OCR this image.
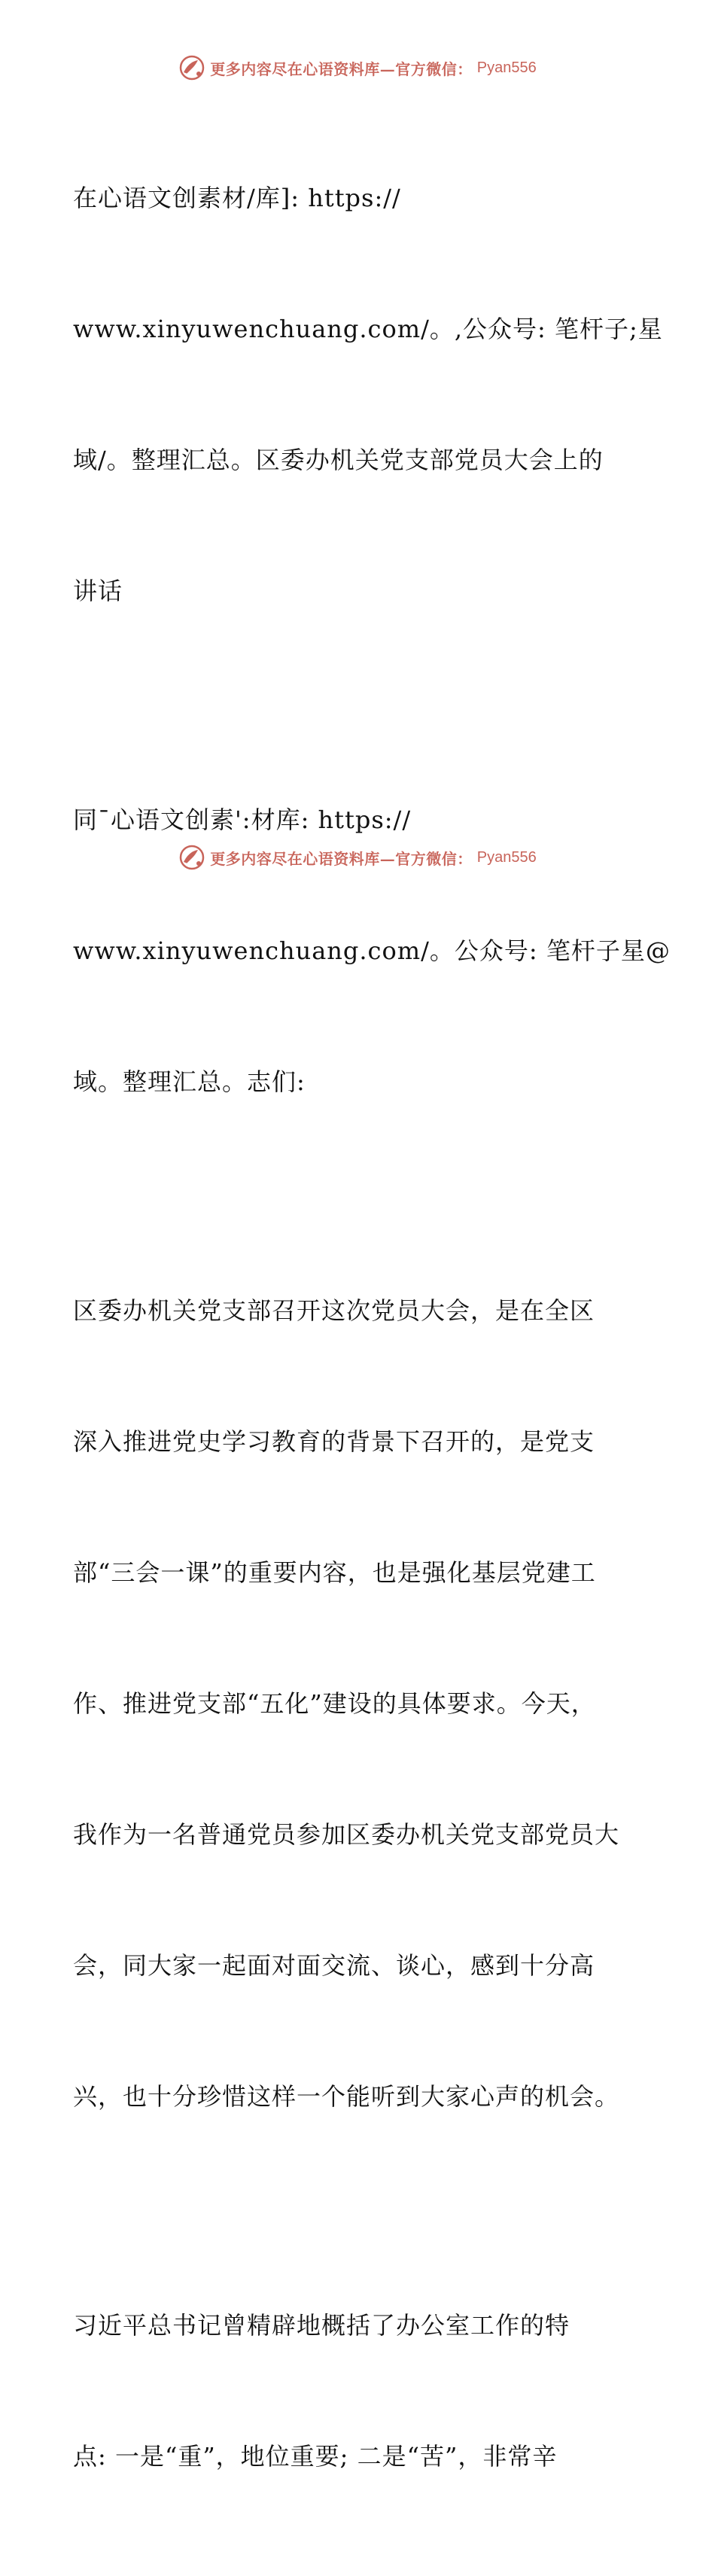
更多内容尽在心语资料库—官方微信： Pyan556

在心语文创素材/库]: https://

www.xinyuwenchuang.com/。,公众号: 笔杆子;星

域/。整理汇总。区委办机关党支部党员大会上的

讲话

同¯心语文创素':材库: https://

www.xinyuwenchuang.com/。公众号: 笔杆子星@

域。整理汇总。志们:

区委办机关党支部召开这次党员大会，是在全区

深入推进党史学习教育的背景下召开的，是党支

部“三会一课”的重要内容，也是强化基层党建工

作、推进党支部“五化”建设的具体要求。今天，

我作为一名普通党员参加区委办机关党支部党员大

会，同大家一起面对面交流、谈心，感到十分高

兴，也十分珍惜这样一个能听到大家心声的机会。

习近平总书记曾精辟地概括了办公室工作的特

点: 一是“重”，地位重要; 二是“苦”，非常辛

更多内容尽在心语资料库—官方微信： Pyan556
